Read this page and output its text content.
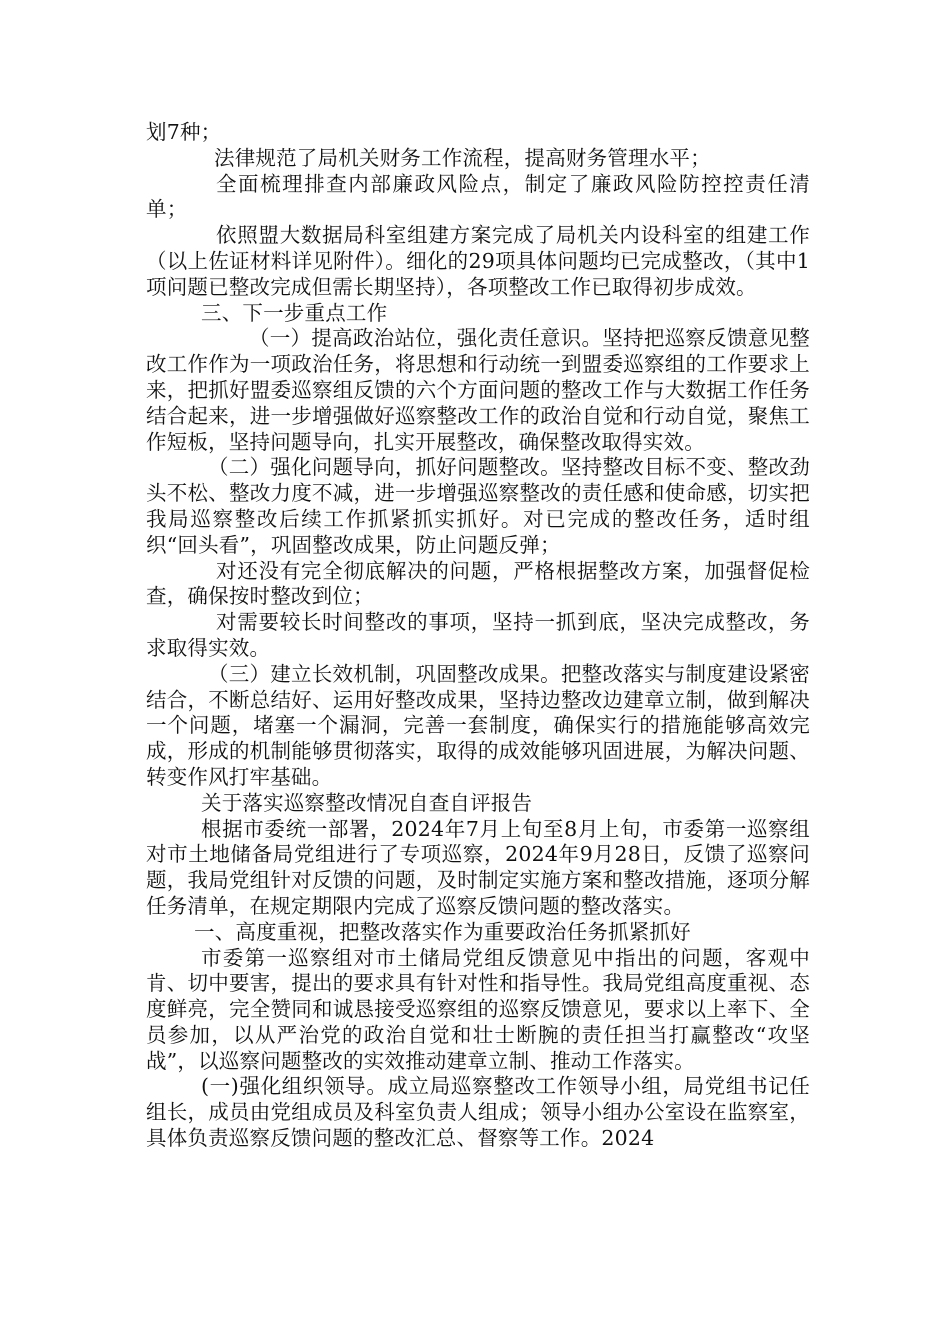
划7种；

法律规范了局机关财务工作流程，提高财务管理水平；

全面梳理排查内部廉政风险点，制定了廉政风险防控控责任清单；

依照盟大数据局科室组建方案完成了局机关内设科室的组建工作（以上佐证材料详见附件）。细化的29项具体问题均已完成整改，（其中1项问题已整改完成但需长期坚持），各项整改工作已取得初步成效。

三、下一步重点工作

（一）提高政治站位，强化责任意识。坚持把巡察反馈意见整改工作作为一项政治任务，将思想和行动统一到盟委巡察组的工作要求上来，把抓好盟委巡察组反馈的六个方面问题的整改工作与大数据工作任务结合起来，进一步增强做好巡察整改工作的政治自觉和行动自觉，聚焦工作短板，坚持问题导向，扎实开展整改，确保整改取得实效。

（二）强化问题导向，抓好问题整改。坚持整改目标不变、整改劲头不松、整改力度不减，进一步增强巡察整改的责任感和使命感，切实把我局巡察整改后续工作抓紧抓实抓好。对已完成的整改任务，适时组织“回头看”，巩固整改成果，防止问题反弹；

对还没有完全彻底解决的问题，严格根据整改方案，加强督促检查，确保按时整改到位；

对需要较长时间整改的事项，坚持一抓到底，坚决完成整改，务求取得实效。

（三）建立长效机制，巩固整改成果。把整改落实与制度建设紧密结合，不断总结好、运用好整改成果，坚持边整改边建章立制，做到解决一个问题，堵塞一个漏洞，完善一套制度，确保实行的措施能够高效完成，形成的机制能够贯彻落实，取得的成效能够巩固进展，为解决问题、转变作风打牢基础。

关于落实巡察整改情况自查自评报告

根据市委统一部署，2024年7月上旬至8月上旬，市委第一巡察组对市土地储备局党组进行了专项巡察，2024年9月28日，反馈了巡察问题，我局党组针对反馈的问题，及时制定实施方案和整改措施，逐项分解任务清单，在规定期限内完成了巡察反馈问题的整改落实。

一、高度重视，把整改落实作为重要政治任务抓紧抓好

市委第一巡察组对市土储局党组反馈意见中指出的问题，客观中肯、切中要害，提出的要求具有针对性和指导性。我局党组高度重视、态度鲜亮，完全赞同和诚恳接受巡察组的巡察反馈意见，要求以上率下、全员参加，以从严治党的政治自觉和壮士断腕的责任担当打赢整改“攻坚战”，以巡察问题整改的实效推动建章立制、推动工作落实。

(一)强化组织领导。成立局巡察整改工作领导小组，局党组书记任组长，成员由党组成员及科室负责人组成；领导小组办公室设在监察室，具体负责巡察反馈问题的整改汇总、督察等工作。2024
